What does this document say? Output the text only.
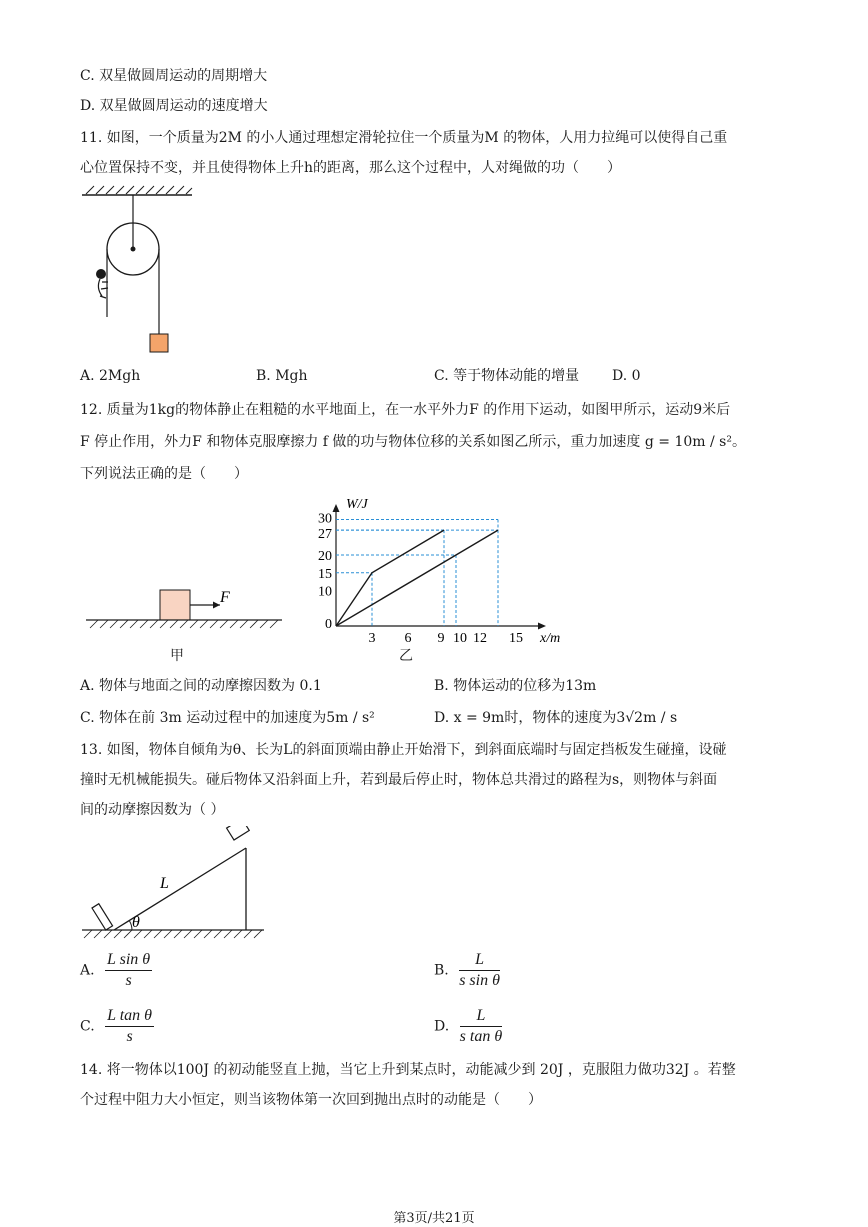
C. 双星做圆周运动的周期增大
D. 双星做圆周运动的速度增大
11. 如图，一个质量为2M 的小人通过理想定滑轮拉住一个质量为M 的物体，人用力拉绳可以使得自己重
心位置保持不变，并且使得物体上升h的距离，那么这个过程中，人对绳做的功（　　）
A. 2Mgh	B. Mgh	C. 等于物体动能的增量 D. 0
12. 质量为1kg的物体静止在粗糙的水平地面上，在一水平外力F 的作用下运动，如图甲所示，运动9米后
F 停止作用，外力F 和物体克服摩擦力 f 做的功与物体位移的关系如图乙所示，重力加速度 g = 10m / s²。
下列说法正确的是（　　）
F
甲
3 6 9 10 12 15
10
15
20
27
30
0
x/m
W/J
乙
A. 物体与地面之间的动摩擦因数为 0.1	B. 物体运动的位移为13m
C. 物体在前 3m 运动过程中的加速度为5m / s²	D. x = 9m时，物体的速度为3√2m / s
13. 如图，物体自倾角为θ、长为L的斜面顶端由静止开始滑下，到斜面底端时与固定挡板发生碰撞，设碰
撞时无机械能损失。碰后物体又沿斜面上升，若到最后停止时，物体总共滑过的路程为s，则物体与斜面
间的动摩擦因数为（ ）
θ
L
A. $\frac{\text{L sin θ}}{s}$	B. $\frac{L}{\text{s sin θ}}$
C. $\frac{\text{L tan θ}}{s}$	D. $\frac{L}{\text{s tan θ}}$
14. 将一物体以100J 的初动能竖直上抛，当它上升到某点时，动能减少到 20J ，克服阻力做功32J 。若整
个过程中阻力大小恒定，则当该物体第一次回到抛出点时的动能是（　　）
第3页/共21页
